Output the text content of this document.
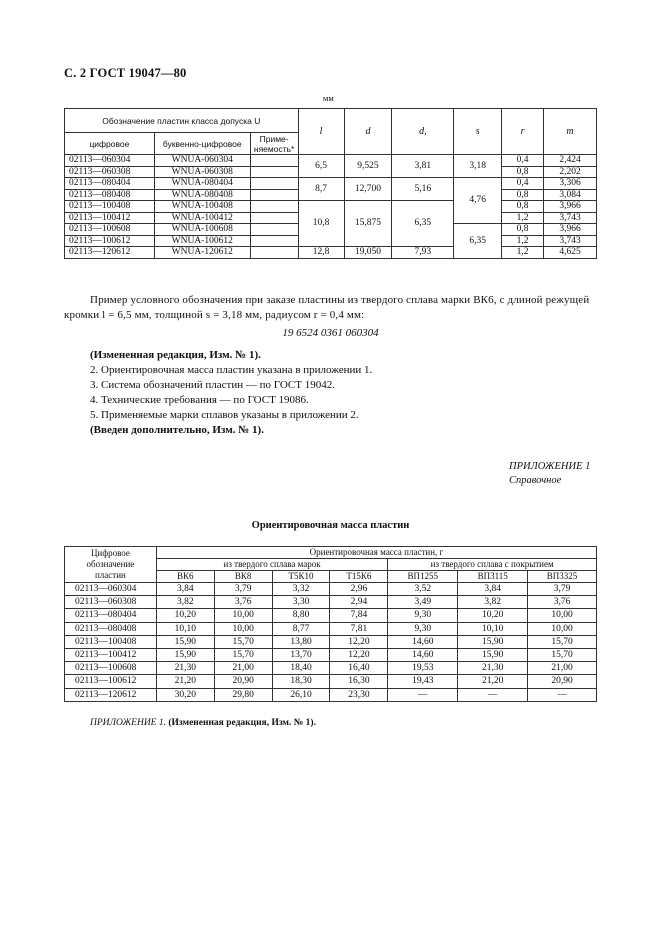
С. 2 ГОСТ 19047—80
мм
Обозначение пластин класса допуска U			l	d	d,	s	r	m
цифровое	буквенно-цифровое	Приме-
няемость*						
02113—060304	WNUA-060304		6,5	9,525	3,81	3,18	0,4	2,424
02113—060308	WNUA-060308						0,8	2,202
02113—080404	WNUA-080404		8,7	12,700	5,16	4,76	0,4	3,306
02113—080408	WNUA-080408						0,8	3,084
02113—100408	WNUA-100408		10,8	15,875	6,35		0,8	3,966
02113—100412	WNUA-100412						1,2	3,743
02113—100608	WNUA-100608					6,35	0,8	3,966
02113—100612	WNUA-100612						1,2	3,743
02113—120612	WNUA-120612		12,8	19,050	7,93		1,2	4,625
Пример условного обозначения при заказе пластины из твердого сплава марки ВК6, с длиной режущей кромки l = 6,5 мм, толщиной s = 3,18 мм, радиусом r = 0,4 мм:
19 6524 0361 060304

(Измененная редакция, Изм. № 1).

2. Ориентировочная масса пластин указана в приложении 1.

3. Система обозначений пластин — по ГОСТ 19042.

4. Технические требования — по ГОСТ 19086.

5. Применяемые марки сплавов указаны в приложении 2.

(Введен дополнительно, Изм. № 1).

ПРИЛОЖЕНИЕ 1
Справочное
Ориентировочная масса пластин
Цифровое
обозначение
пластин	Ориентировочная масса пластин, г						
	из твердого сплава марок				из твердого сплава с покрытием		
	ВК6	ВК8	Т5К10	Т15К6	ВП1255	ВП3115	ВП3325
02113—060304	3,84	3,79	3,32	2,96	3,52	3,84	3,79
02113—060308	3,82	3,76	3,30	2,94	3,49	3,82	3,76
02113—080404	10,20	10,00	8,80	7,84	9,30	10,20	10,00
02113—080408	10,10	10,00	8,77	7,81	9,30	10,10	10,00
02113—100408	15,90	15,70	13,80	12,20	14,60	15,90	15,70
02113—100412	15,90	15,70	13,70	12,20	14,60	15,90	15,70
02113—100608	21,30	21,00	18,40	16,40	19,53	21,30	21,00
02113—100612	21,20	20,90	18,30	16,30	19,43	21,20	20,90
02113—120612	30,20	29,80	26,10	23,30	—	—	—
ПРИЛОЖЕНИЕ 1. (Измененная редакция, Изм. № 1).
